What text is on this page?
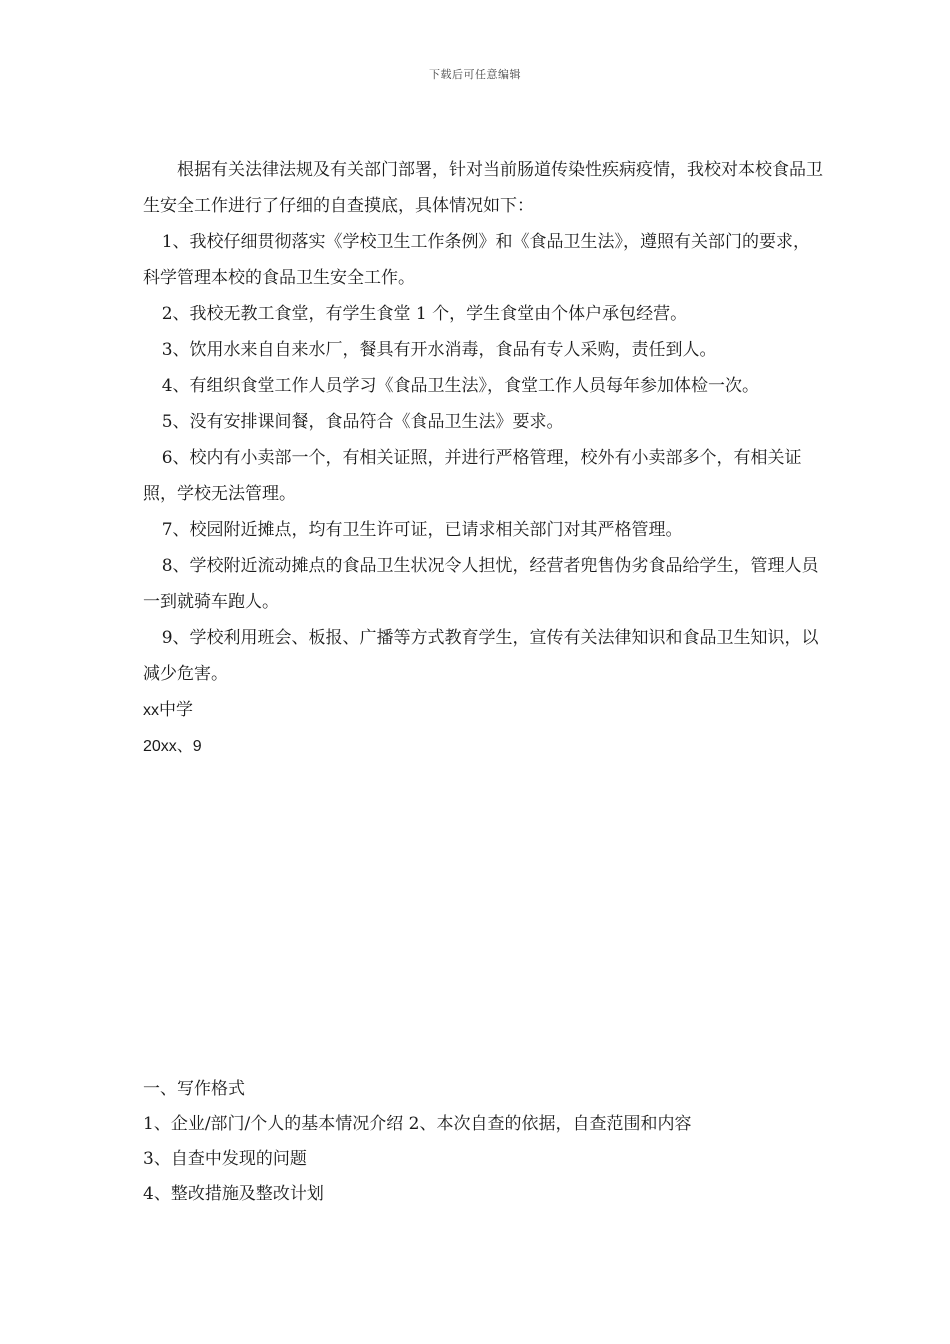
下载后可任意编辑

根据有关法律法规及有关部门部署，针对当前肠道传染性疾病疫情，我校对本校食品卫生安全工作进行了仔细的自查摸底，具体情况如下：

1、我校仔细贯彻落实《学校卫生工作条例》和《食品卫生法》，遵照有关部门的要求，科学管理本校的食品卫生安全工作。

2、我校无教工食堂，有学生食堂 1 个，学生食堂由个体户承包经营。

3、饮用水来自自来水厂，餐具有开水消毒，食品有专人采购，责任到人。

4、有组织食堂工作人员学习《食品卫生法》，食堂工作人员每年参加体检一次。

5、没有安排课间餐，食品符合《食品卫生法》要求。

6、校内有小卖部一个，有相关证照，并进行严格管理，校外有小卖部多个，有相关证照，学校无法管理。

7、校园附近摊点，均有卫生许可证，已请求相关部门对其严格管理。

8、学校附近流动摊点的食品卫生状况令人担忧，经营者兜售伪劣食品给学生，管理人员一到就骑车跑人。

9、学校利用班会、板报、广播等方式教育学生，宣传有关法律知识和食品卫生知识，以减少危害。

xx中学

20xx、9

一、写作格式

1、企业/部门/个人的基本情况介绍 2、本次自查的依据，自查范围和内容

3、自查中发现的问题

4、整改措施及整改计划
